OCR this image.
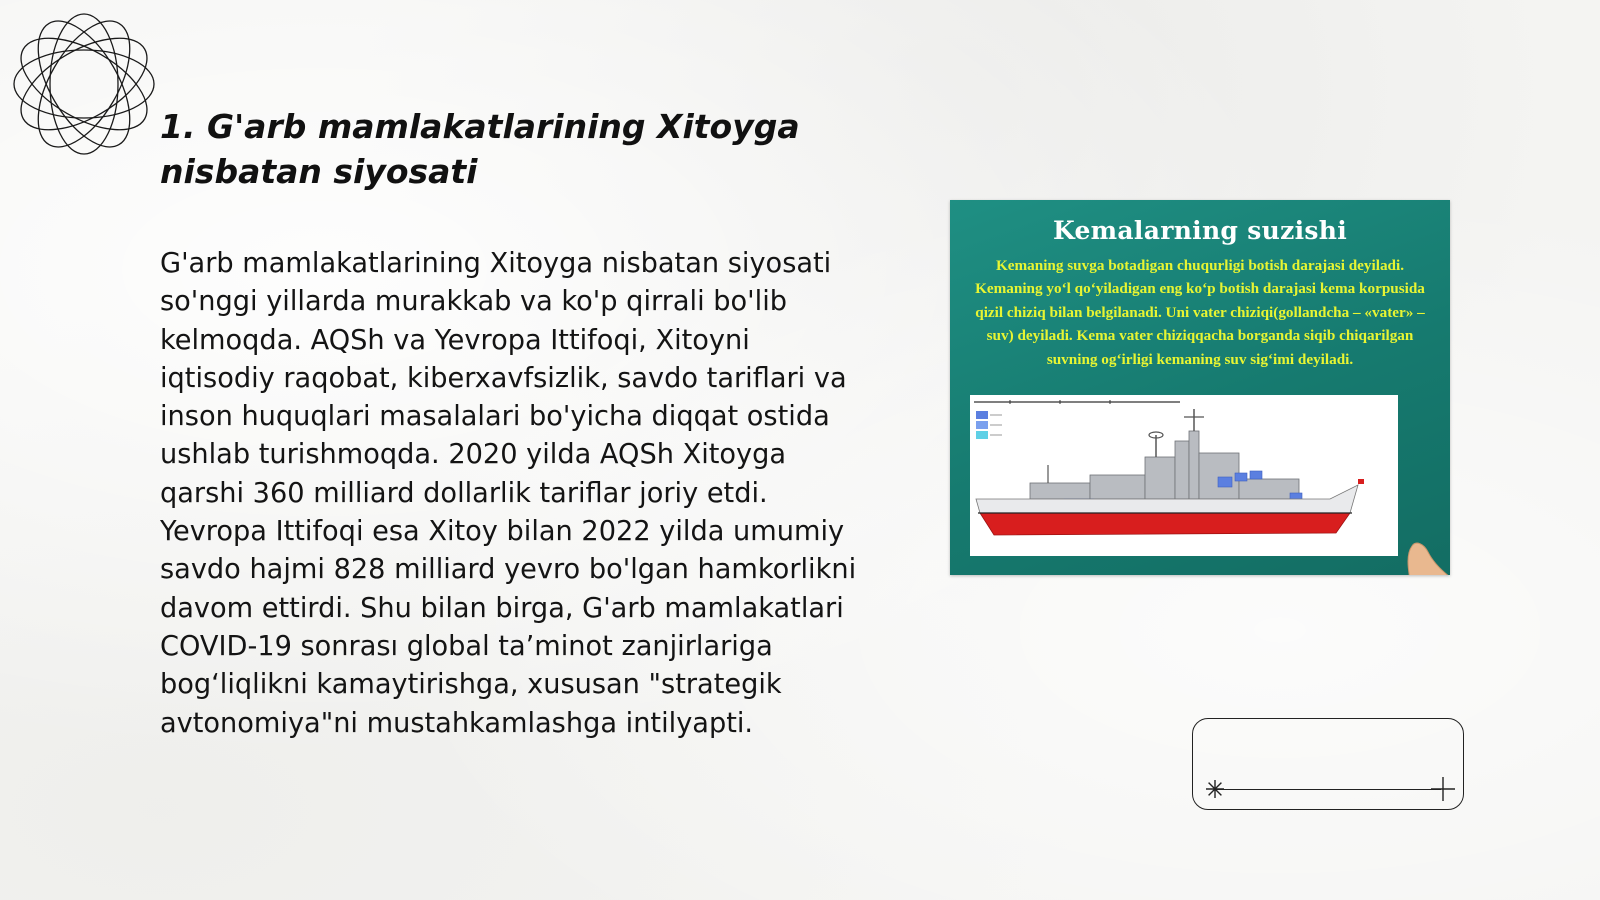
1. G'arb mamlakatlarining Xitoyga nisbatan siyosati

G'arb mamlakatlarining Xitoyga nisbatan siyosati so'nggi yillarda murakkab va ko'p qirrali bo'lib kelmoqda. AQSh va Yevropa Ittifoqi, Xitoyni iqtisodiy raqobat, kiberxavfsizlik, savdo tariflari va inson huquqlari masalalari bo'yicha diqqat ostida ushlab turishmoqda. 2020 yilda AQSh Xitoyga qarshi 360 milliard dollarlik tariflar joriy etdi. Yevropa Ittifoqi esa Xitoy bilan 2022 yilda umumiy savdo hajmi 828 milliard yevro bo'lgan hamkorlikni davom ettirdi. Shu bilan birga, G'arb mamlakatlari COVID-19 sonrası global ta’minot zanjirlariga bog‘liqlikni kamaytirishga, xususan "strategik avtonomiya"ni mustahkamlashga intilyapti.

Kemalarning suzishi
Kemaning suvga botadigan chuqurligi botish darajasi deyiladi. Kemaning yo‘l qo‘yiladigan eng ko‘p botish darajasi kema korpusida qizil chiziq bilan belgilanadi. Uni vater chiziqi(gollandcha – «vater» – suv) deyiladi. Kema vater chiziqqacha borganda siqib chiqarilgan suvning og‘irligi kemaning suv sig‘imi deyiladi.
